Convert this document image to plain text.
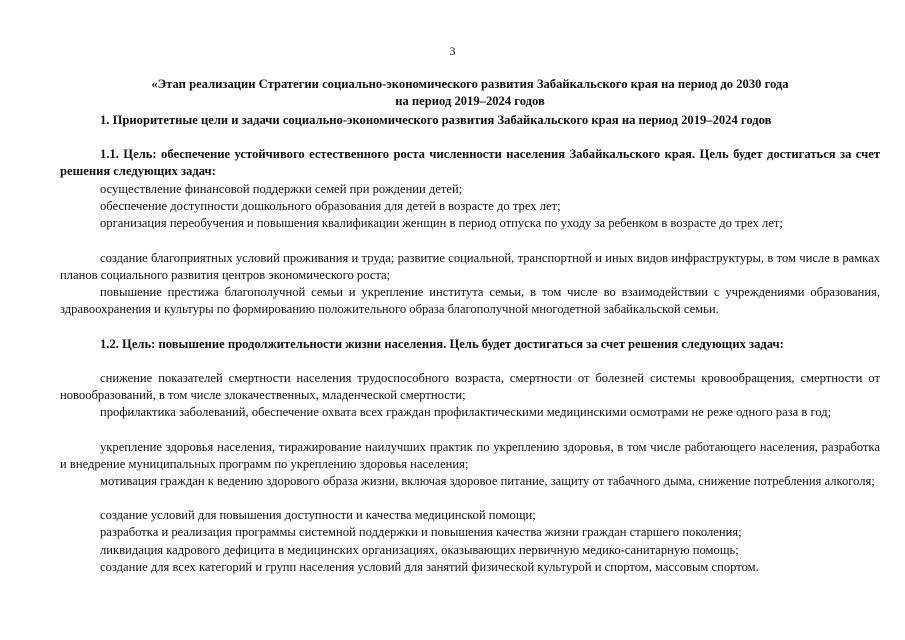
3
«Этап реализации Стратегии социально-экономического развития Забайкальского края на период до 2030 года
на период 2019–2024 годов

1. Приоритетные цели и задачи социально-экономического развития Забайкальского края на период 2019–2024 годов

1.1. Цель: обеспечение устойчивого естественного роста численности населения Забайкальского края. Цель будет достигаться за счет решения следующих задач:

осуществление финансовой поддержки семей при рождении детей;

обеспечение доступности дошкольного образования для детей в возрасте до трех лет;

организация переобучения и повышения квалификации женщин в период отпуска по уходу за ребенком в возрасте до трех лет;

создание благоприятных условий проживания и труда; развитие социальной, транспортной и иных видов инфраструктуры, в том числе в рамках планов социального развития центров экономического роста;

повышение престижа благополучной семьи и укрепление института семьи, в том числе во взаимодействии с учреждениями образования, здравоохранения и культуры по формированию положительного образа благополучной многодетной забайкальской семьи.

1.2. Цель: повышение продолжительности жизни населения. Цель будет достигаться за счет решения следующих задач:

снижение показателей смертности населения трудоспособного возраста, смертности от болезней системы кровообращения, смертности от новообразований, в том числе злокачественных, младенческой смертности;

профилактика заболеваний, обеспечение охвата всех граждан профилактическими медицинскими осмотрами не реже одного раза в год;

укрепление здоровья населения, тиражирование наилучших практик по укреплению здоровья, в том числе работающего населения, разработка и внедрение муниципальных программ по укреплению здоровья населения;

мотивация граждан к ведению здорового образа жизни, включая здоровое питание, защиту от табачного дыма, снижение потребления алкоголя;

создание условий для повышения доступности и качества медицинской помощи;

разработка и реализация программы системной поддержки и повышения качества жизни граждан старшего поколения;

ликвидация кадрового дефицита в медицинских организациях, оказывающих первичную медико-санитарную помощь;

создание для всех категорий и групп населения условий для занятий физической культурой и спортом, массовым спортом.
